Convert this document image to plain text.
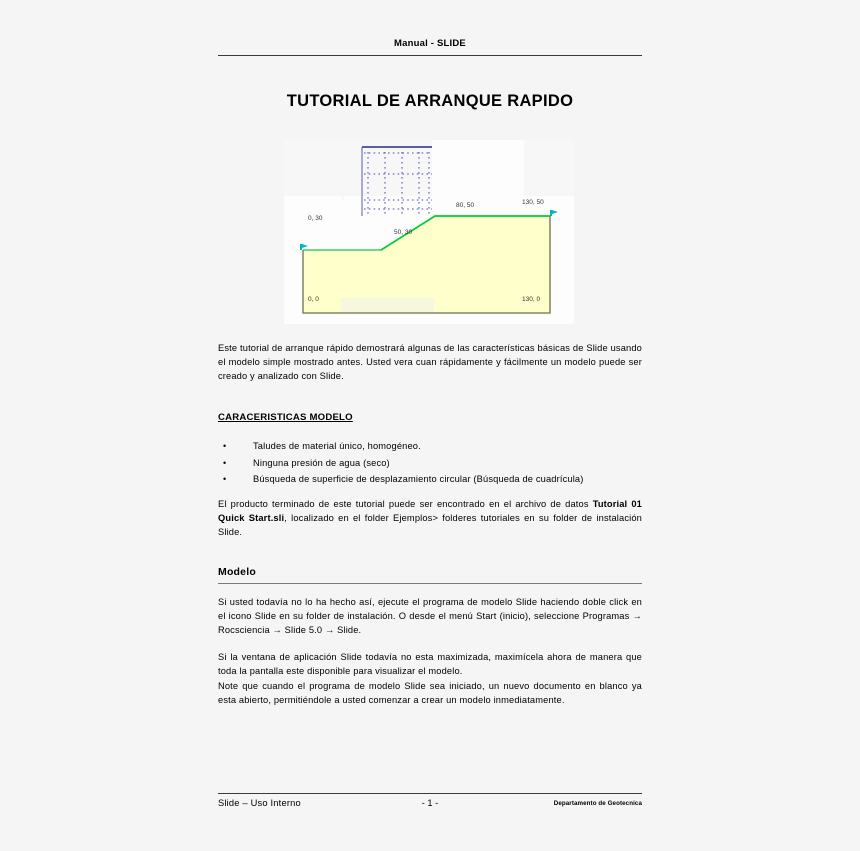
Manual - SLIDE
TUTORIAL DE ARRANQUE RAPIDO
0, 30
50, 30
80, 50	130, 50
0, 0	130, 0
Este tutorial de arranque rápido demostrará algunas de las características básicas de Slide usando el modelo simple mostrado antes. Usted vera cuan rápidamente y fácilmente un modelo puede ser creado y analizado con Slide.
CARACERISTICAS MODELO
•	Taludes de material único, homogéneo.
•	Ninguna presión de agua (seco)
•	Búsqueda de superficie de desplazamiento circular (Búsqueda de cuadrícula)
El producto terminado de este tutorial puede ser encontrado en el archivo de datos Tutorial 01 Quick Start.sli, localizado en el folder Ejemplos> folderes tutoriales en su folder de instalación Slide.
Modelo
Si usted todavía no lo ha hecho así, ejecute el programa de modelo Slide haciendo doble click en el icono Slide en su folder de instalación. O desde el menú Start (inicio), seleccione Programas → Rocsciencia → Slide 5.0 → Slide.
Si la ventana de aplicación Slide todavía no esta maximizada, maximícela ahora de manera que toda la pantalla este disponible para visualizar el modelo.
Note que cuando el programa de modelo Slide sea iniciado, un nuevo documento en blanco ya esta abierto, permitiéndole a usted comenzar a crear un modelo inmediatamente.
Slide – Uso Interno	- 1 -	Departamento de Geotecnica
